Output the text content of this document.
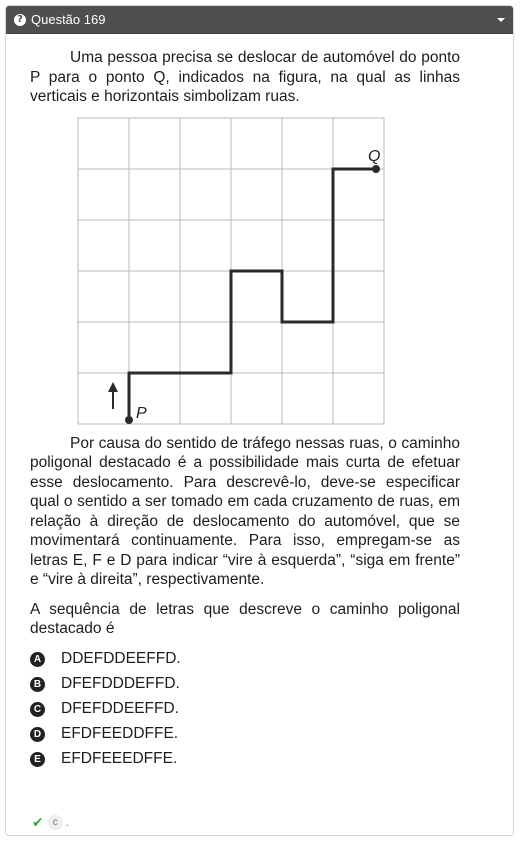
? Questão 169

Uma pessoa precisa se deslocar de automóvel do ponto P para o ponto Q, indicados na figura, na qual as linhas verticais e horizontais simbolizam ruas.

P
Q

Por causa do sentido de tráfego nessas ruas, o caminho poligonal destacado é a possibilidade mais curta de efetuar esse deslocamento. Para descrevê-lo, deve-se especificar qual o sentido a ser tomado em cada cruzamento de ruas, em relação à direção de deslocamento do automóvel, que se movimentará continuamente. Para isso, empregam-se as letras E, F e D para indicar “vire à esquerda”, “siga em frente” e “vire à direita”, respectivamente.

A sequência de letras que descreve o caminho poligonal destacado é

A DDEFDDEEFFD.
B DFEFDDDEFFD.
C DFEFDDEEFFD.
D EFDFEEDDFFE.
E EFDFEEEDFFE.
✔ c .
